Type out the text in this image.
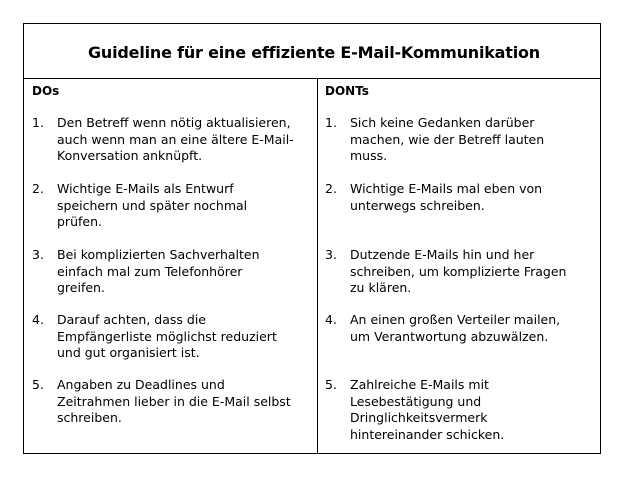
Guideline für eine effiziente E-Mail-Kommunikation
DOs
1. Den Betreff wenn nötig aktualisieren,
auch wenn man an eine ältere E-Mail-
Konversation anknüpft.
2. Wichtige E-Mails als Entwurf
speichern und später nochmal
prüfen.
3. Bei komplizierten Sachverhalten
einfach mal zum Telefonhörer
greifen.
4. Darauf achten, dass die
Empfängerliste möglichst reduziert
und gut organisiert ist.
5. Angaben zu Deadlines und
Zeitrahmen lieber in die E-Mail selbst
schreiben.
DONTs
1. Sich keine Gedanken darüber
machen, wie der Betreff lauten
muss.
2. Wichtige E-Mails mal eben von
unterwegs schreiben.
3. Dutzende E-Mails hin und her
schreiben, um komplizierte Fragen
zu klären.
4. An einen großen Verteiler mailen,
um Verantwortung abzuwälzen.
5. Zahlreiche E-Mails mit
Lesebestätigung und
Dringlichkeitsvermerk
hintereinander schicken.
